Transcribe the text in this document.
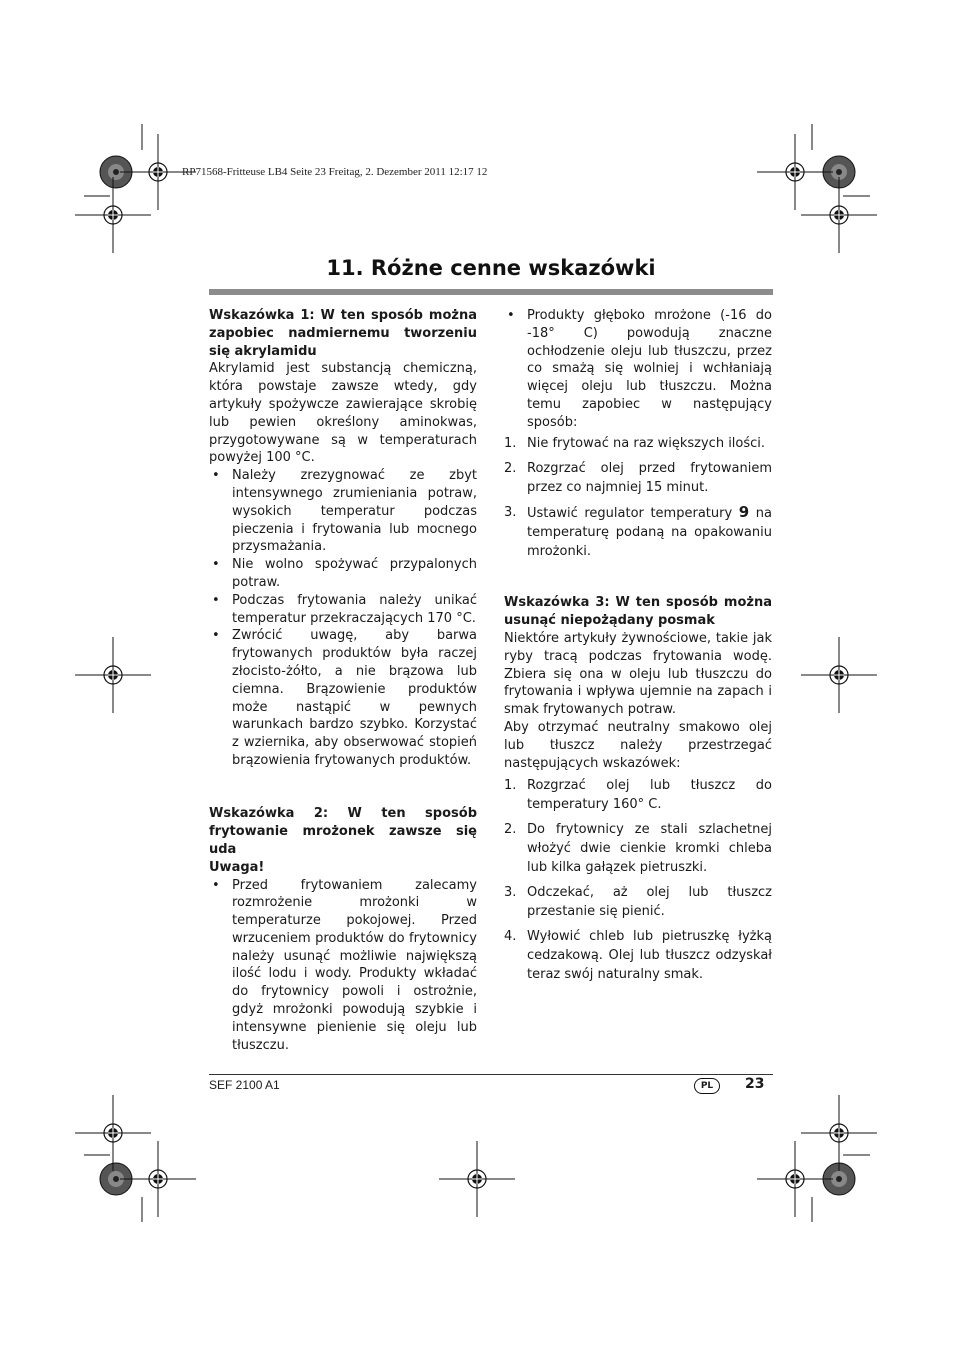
RP71568-Fritteuse LB4 Seite 23 Freitag, 2. Dezember 2011 12:17 12
11. Różne cenne wskazówki

Wskazówka 1: W ten sposób można zapobiec nadmiernemu tworzeniu się akrylamidu

Akrylamid jest substancją chemiczną, która powstaje zawsze wtedy, gdy artykuły spożywcze zawierające skrobię lub pewien określony aminokwas, przygotowywane są w temperaturach powyżej 100 °C.

• Należy zrezygnować ze zbyt intensywnego zrumieniania potraw, wysokich temperatur podczas pieczenia i frytowania lub mocnego przysmażania.
• Nie wolno spożywać przypalonych potraw.
• Podczas frytowania należy unikać temperatur przekraczających 170 °C.
• Zwrócić uwagę, aby barwa frytowanych produktów była raczej złocisto-żółto, a nie brązowa lub ciemna. Brązowienie produktów może nastąpić w pewnych warunkach bardzo szybko. Korzystać z wziernika, aby obserwować stopień brązowienia frytowanych produktów.

Wskazówka 2: W ten sposób frytowanie mrożonek zawsze się uda

Uwaga!

• Przed frytowaniem zalecamy rozmrożenie mrożonki w temperaturze pokojowej. Przed wrzuceniem produktów do frytownicy należy usunąć możliwie największą ilość lodu i wody. Produkty wkładać do frytownicy powoli i ostrożnie, gdyż mrożonki powodują szybkie i intensywne pienienie się oleju lub tłuszczu.
• Produkty głęboko mrożone (-16 do -18° C) powodują znaczne ochłodzenie oleju lub tłuszczu, przez co smażą się wolniej i wchłaniają więcej oleju lub tłuszczu. Można temu zapobiec w następujący sposób:
1. Nie frytować na raz większych ilości.
2. Rozgrzać olej przed frytowaniem przez co najmniej 15 minut.
3. Ustawić regulator temperatury 9 na temperaturę podaną na opakowaniu mrożonki.

Wskazówka 3: W ten sposób można usunąć niepożądany posmak

Niektóre artykuły żywnościowe, takie jak ryby tracą podczas frytowania wodę. Zbiera się ona w oleju lub tłuszczu do frytowania i wpływa ujemnie na zapach i smak frytowanych potraw.

Aby otrzymać neutralny smakowo olej lub tłuszcz należy przestrzegać następujących wskazówek:

1. Rozgrzać olej lub tłuszcz do temperatury 160° C.
2. Do frytownicy ze stali szlachetnej włożyć dwie cienkie kromki chleba lub kilka gałązek pietruszki.
3. Odczekać, aż olej lub tłuszcz przestanie się pienić.
4. Wyłowić chleb lub pietruszkę łyżką cedzakową. Olej lub tłuszcz odzyskał teraz swój naturalny smak.
SEF 2100 A1	PL	23
